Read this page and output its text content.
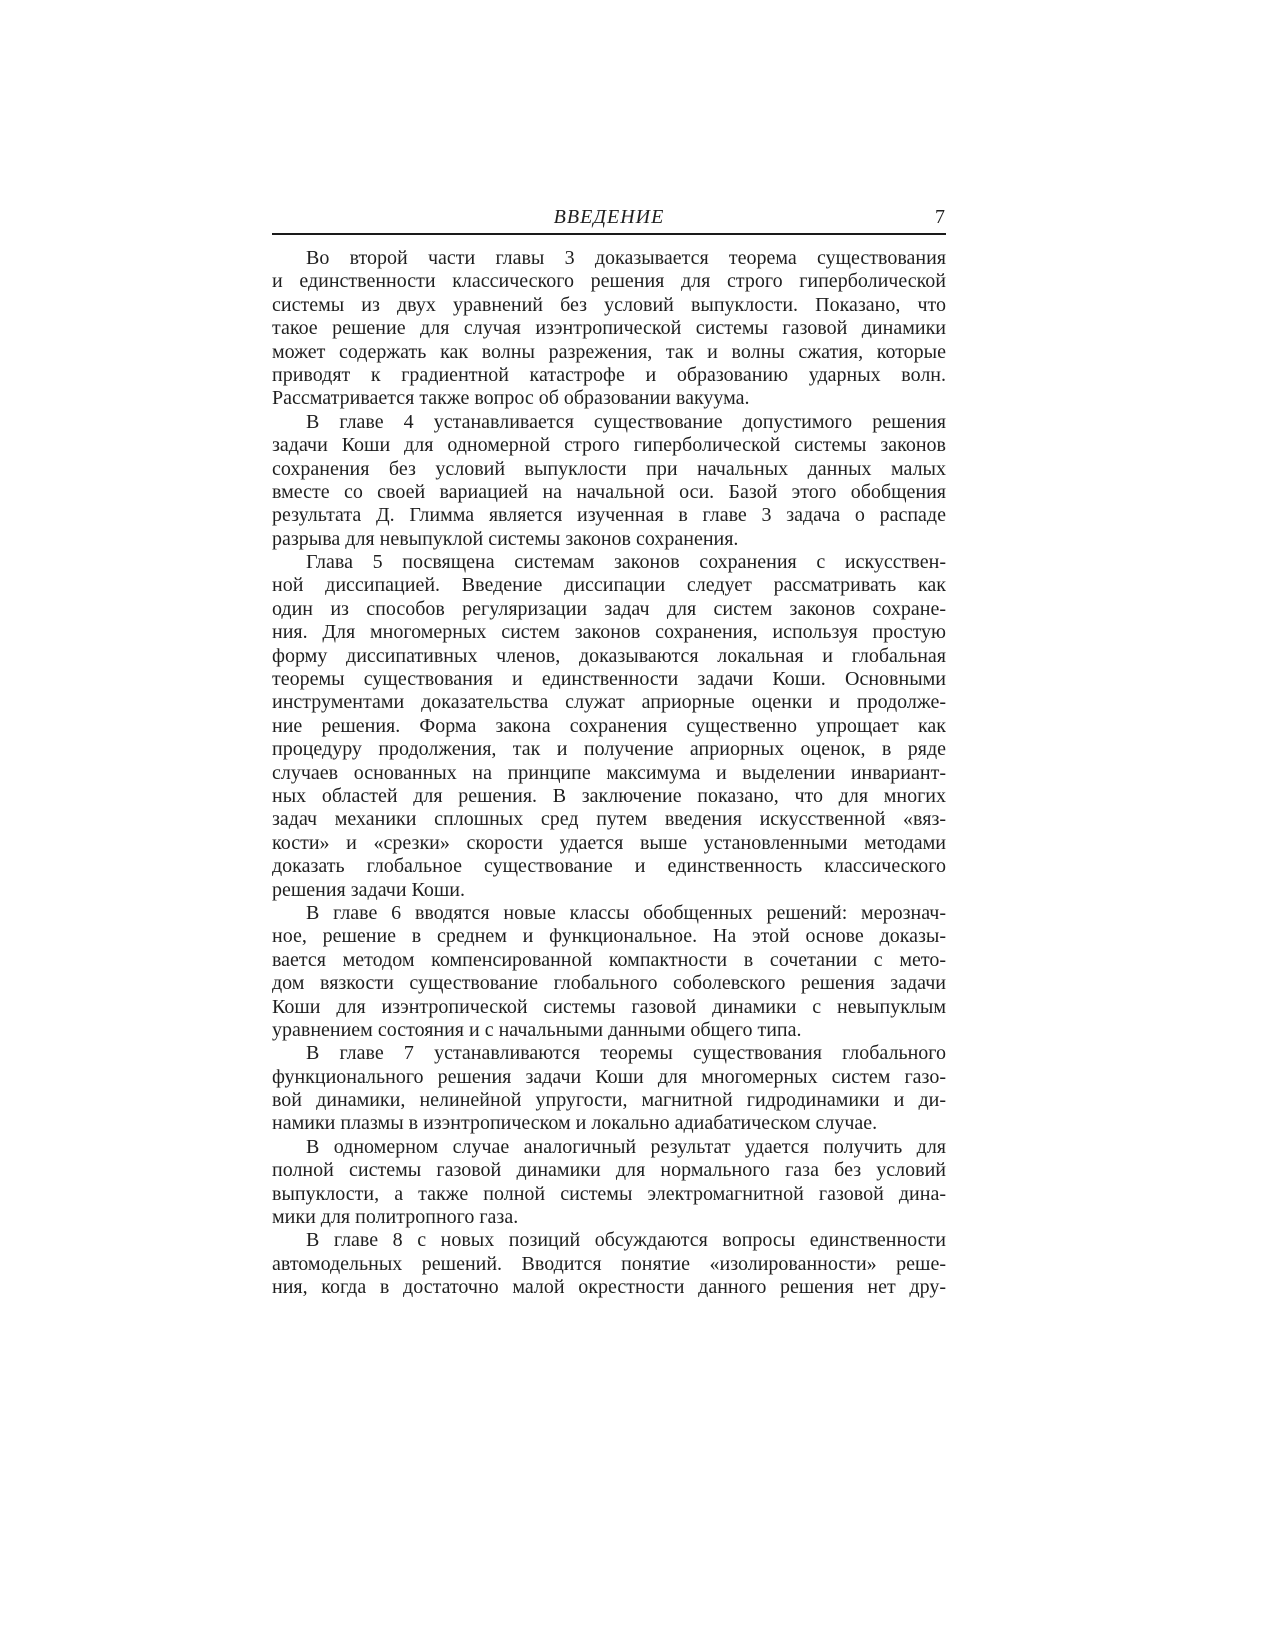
ВВЕДЕНИЕ	7
Во второй части главы 3 доказывается теорема существования
и единственности классического решения для строго гиперболической
системы из двух уравнений без условий выпуклости. Показано, что
такое решение для случая изэнтропической системы газовой динамики
может содержать как волны разрежения, так и волны сжатия, которые
приводят к градиентной катастрофе и образованию ударных волн.
Рассматривается также вопрос об образовании вакуума.
В главе 4 устанавливается существование допустимого решения
задачи Коши для одномерной строго гиперболической системы законов
сохранения без условий выпуклости при начальных данных малых
вместе со своей вариацией на начальной оси. Базой этого обобщения
результата Д. Глимма является изученная в главе 3 задача о распаде
разрыва для невыпуклой системы законов сохранения.
Глава 5 посвящена системам законов сохранения с искусствен-
ной диссипацией. Введение диссипации следует рассматривать как
один из способов регуляризации задач для систем законов сохране-
ния. Для многомерных систем законов сохранения, используя простую
форму диссипативных членов, доказываются локальная и глобальная
теоремы существования и единственности задачи Коши. Основными
инструментами доказательства служат априорные оценки и продолже-
ние решения. Форма закона сохранения существенно упрощает как
процедуру продолжения, так и получение априорных оценок, в ряде
случаев основанных на принципе максимума и выделении инвариант-
ных областей для решения. В заключение показано, что для многих
задач механики сплошных сред путем введения искусственной «вяз-
кости» и «срезки» скорости удается выше установленными методами
доказать глобальное существование и единственность классического
решения задачи Коши.
В главе 6 вводятся новые классы обобщенных решений: мерознач-
ное, решение в среднем и функциональное. На этой основе доказы-
вается методом компенсированной компактности в сочетании с мето-
дом вязкости существование глобального соболевского решения задачи
Коши для изэнтропической системы газовой динамики с невыпуклым
уравнением состояния и с начальными данными общего типа.
В главе 7 устанавливаются теоремы существования глобального
функционального решения задачи Коши для многомерных систем газо-
вой динамики, нелинейной упругости, магнитной гидродинамики и ди-
намики плазмы в изэнтропическом и локально адиабатическом случае.
В одномерном случае аналогичный результат удается получить для
полной системы газовой динамики для нормального газа без условий
выпуклости, а также полной системы электромагнитной газовой дина-
мики для политропного газа.
В главе 8 с новых позиций обсуждаются вопросы единственности
автомодельных решений. Вводится понятие «изолированности» реше-
ния, когда в достаточно малой окрестности данного решения нет дру-
